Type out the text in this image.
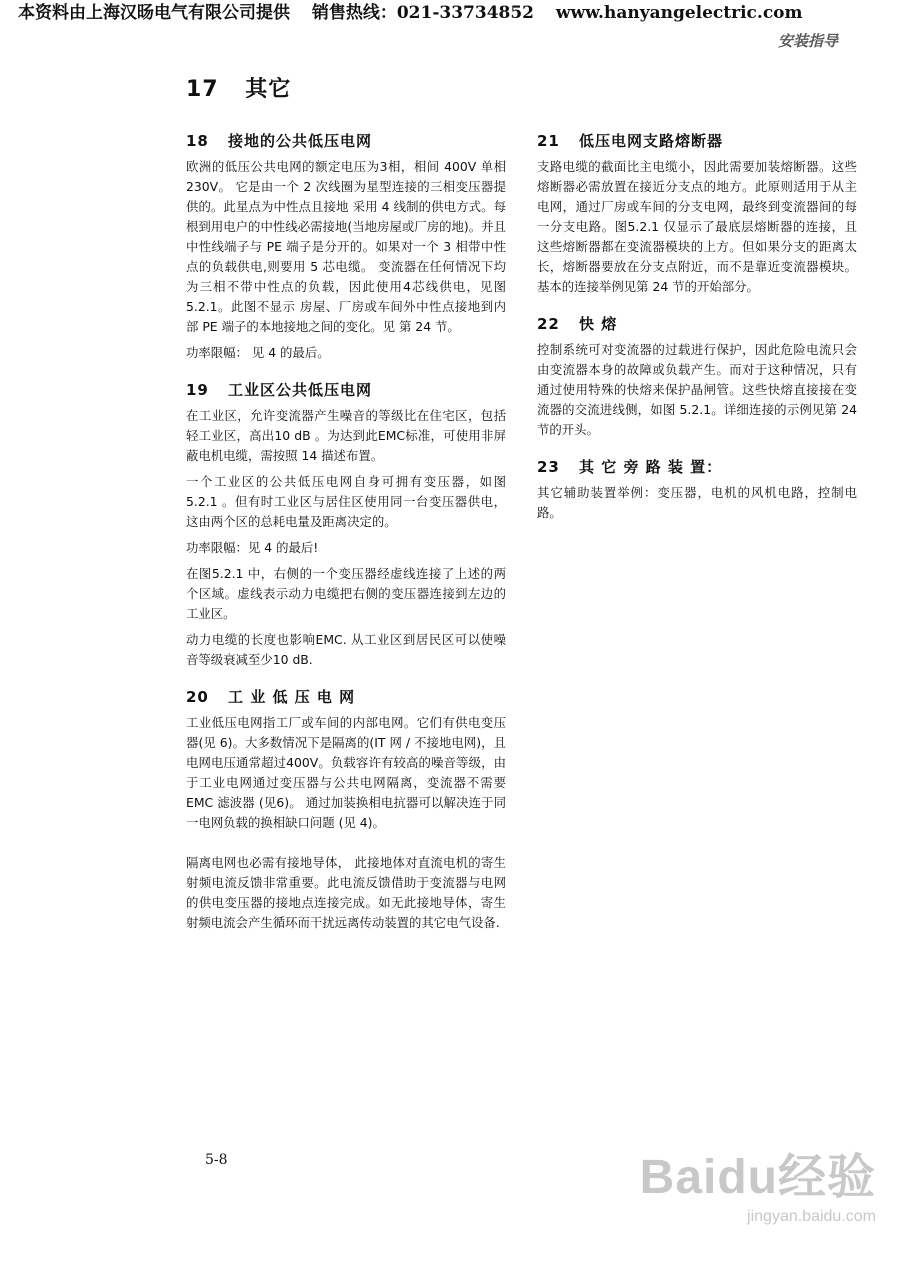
本资料由上海汉旸电气有限公司提供 销售热线：021-33734852 www.hanyangelectric.com
安装指导
17 其它
18 接地的公共低压电网

欧洲的低压公共电网的额定电压为3相，相间 400V 单相 230V。 它是由一个 2 次线圈为星型连接的三相变压器提供的。此星点为中性点且接地 采用 4 线制的供电方式。每根到用电户的中性线必需接地(当地房屋或厂房的地)。并且中性线端子与 PE 端子是分开的。如果对一个 3 相带中性点的负载供电,则要用 5 芯电缆。 变流器在任何情况下均为三相不带中性点的负载，因此使用4芯线供电，见图5.2.1。此图不显示 房屋、厂房或车间外中性点接地到内部 PE 端子的本地接地之间的变化。见 第 24 节。

功率限幅： 见 4 的最后。

19 工业区公共低压电网

在工业区，允许变流器产生噪音的等级比在住宅区，包括轻工业区，高出10 dB 。为达到此EMC标准，可使用非屏蔽电机电缆，需按照 14 描述布置。

一个工业区的公共低压电网自身可拥有变压器，如图 5.2.1 。但有时工业区与居住区使用同一台变压器供电，这由两个区的总耗电量及距离决定的。

功率限幅：见 4 的最后!

在图5.2.1 中，右侧的一个变压器经虚线连接了上述的两个区域。虚线表示动力电缆把右侧的变压器连接到左边的工业区。

动力电缆的长度也影响EMC. 从工业区到居民区可以使噪音等级衰减至少10 dB.

20 工 业 低 压 电 网

工业低压电网指工厂或车间的内部电网。它们有供电变压器(见 6)。大多数情况下是隔离的(IT 网 / 不接地电网)，且电网电压通常超过400V。负载容许有较高的噪音等级，由于工业电网通过变压器与公共电网隔离，变流器不需要 EMC 滤波器 (见6)。 通过加装换相电抗器可以解决连于同一电网负载的换相缺口问题 (见 4)。

隔离电网也必需有接地导体， 此接地体对直流电机的寄生射频电流反馈非常重要。此电流反馈借助于变流器与电网的供电变压器的接地点连接完成。如无此接地导体，寄生射频电流会产生循环而干扰远离传动装置的其它电气设备.

21 低压电网支路熔断器

支路电缆的截面比主电缆小，因此需要加装熔断器。这些熔断器必需放置在接近分支点的地方。此原则适用于从主电网，通过厂房或车间的分支电网，最终到变流器间的每一分支电路。图5.2.1 仅显示了最底层熔断器的连接，且这些熔断器都在变流器模块的上方。但如果分支的距离太长，熔断器要放在分支点附近，而不是靠近变流器模块。 基本的连接举例见第 24 节的开始部分。

22 快 熔

控制系统可对变流器的过载进行保护，因此危险电流只会由变流器本身的故障或负载产生。而对于这种情况，只有通过使用特殊的快熔来保护晶闸管。这些快熔直接接在变流器的交流进线侧，如图 5.2.1。详细连接的示例见第 24 节的开头。

23 其 它 旁 路 装 置：

其它辅助装置举例：变压器，电机的风机电路，控制电路。

5-8	Baidu经验
jingyan.baidu.com
